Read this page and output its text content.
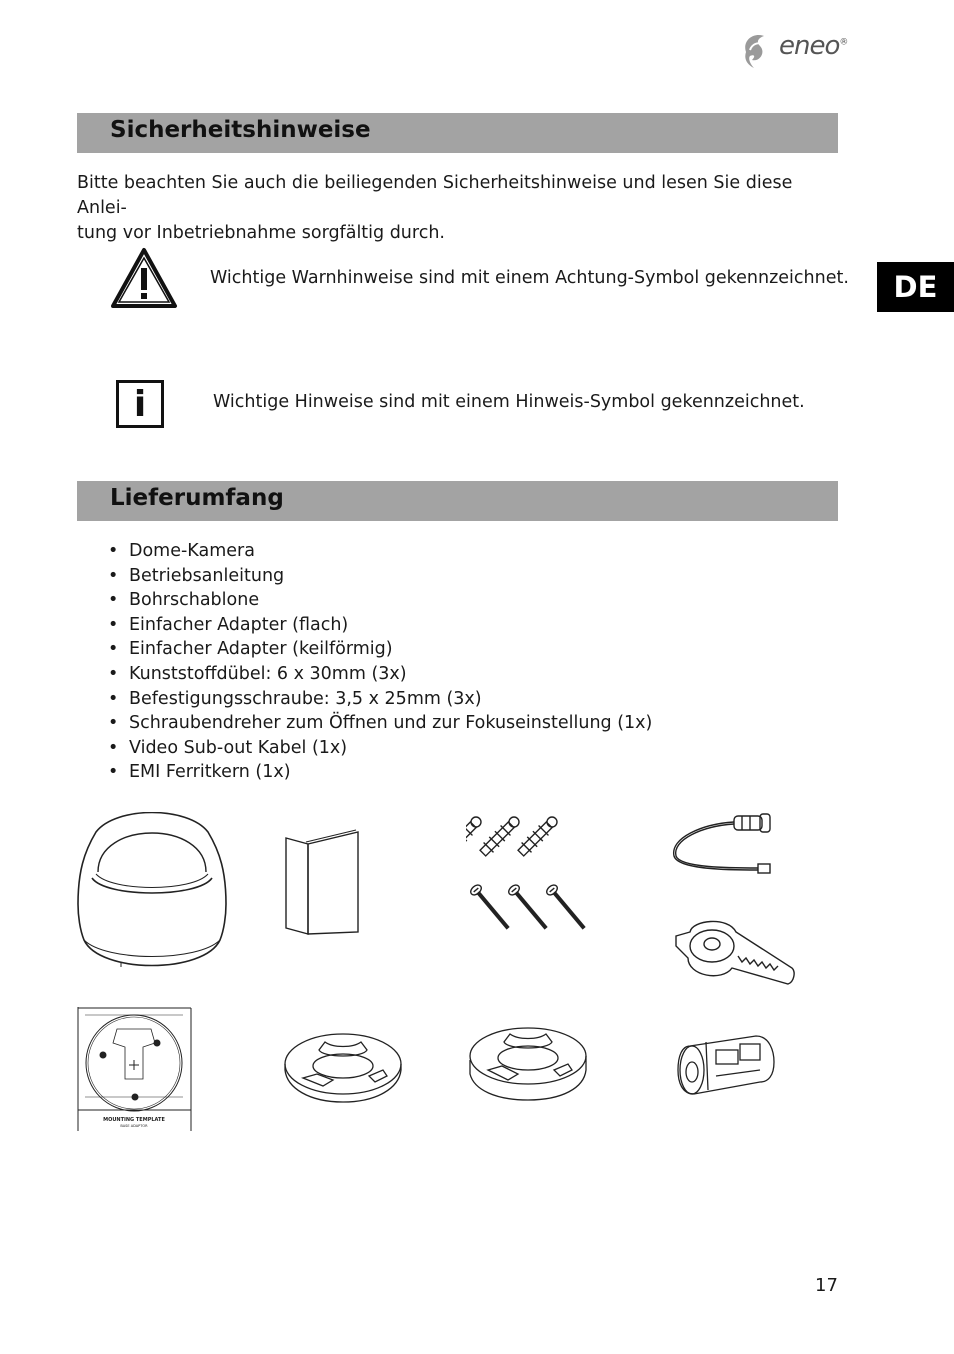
eneo®
DE
Sicherheitshinweise
Bitte beachten Sie auch die beiliegenden Sicherheitshinweise und lesen Sie diese Anlei-
tung vor Inbetriebnahme sorgfältig durch.
Wichtige Warnhinweise sind mit einem Achtung-Symbol gekennzeichnet.
i	Wichtige Hinweise sind mit einem Hinweis-Symbol gekennzeichnet.
Lieferumfang
• Dome-Kamera
• Betriebsanleitung
• Bohrschablone
• Einfacher Adapter (flach)
• Einfacher Adapter (keilförmig)
• Kunststoffdübel: 6 x 30mm (3x)
• Befestigungsschraube: 3,5 x 25mm (3x)
• Schraubendreher zum Öffnen und zur Fokuseinstellung (1x)
• Video Sub-out Kabel (1x)
• EMI Ferritkern (1x)
MOUNTING TEMPLATE
BASE ADAPTOR
17
